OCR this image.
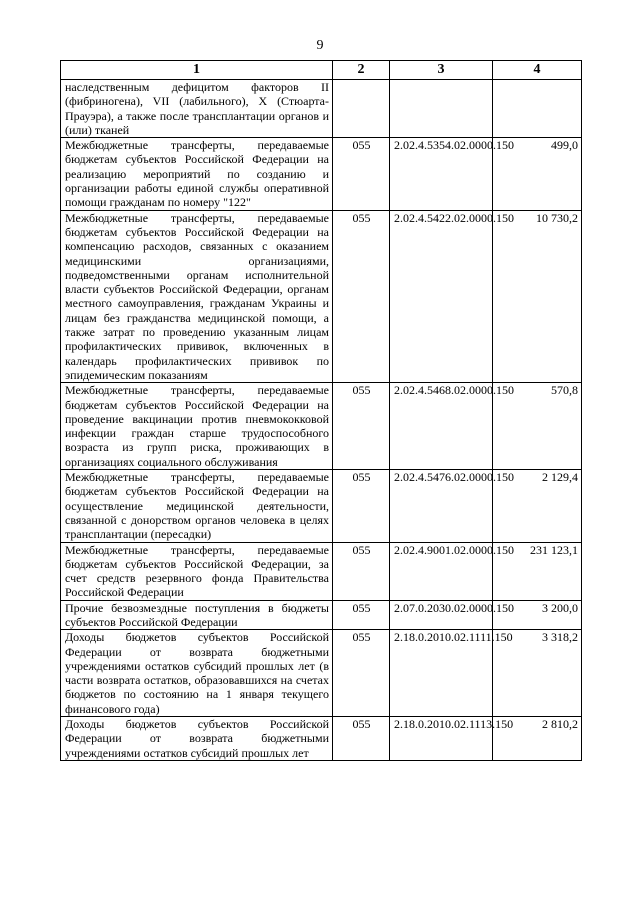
9
1	2	3	4
наследственным дефицитом факторов II (фибриногена), VII (лабильного), X (Стюарта-Прауэра), а также после трансплантации органов и (или) тканей			
Межбюджетные трансферты, передаваемые бюджетам субъектов Российской Федерации на реализацию мероприятий по созданию и организации работы единой службы оперативной помощи гражданам по номеру "122"	055	2.02.4.5354.02.0000.150	499,0
Межбюджетные трансферты, передаваемые бюджетам субъектов Российской Федерации на компенсацию расходов, связанных с оказанием медицинскими организациями, подведомственными органам исполнительной власти субъектов Российской Федерации, органам местного самоуправления, гражданам Украины и лицам без гражданства медицинской помощи, а также затрат по проведению указанным лицам профилактических прививок, включенных в календарь профилактических прививок по эпидемическим показаниям	055	2.02.4.5422.02.0000.150	10 730,2
Межбюджетные трансферты, передаваемые бюджетам субъектов Российской Федерации на проведение вакцинации против пневмококковой инфекции граждан старше трудоспособного возраста из групп риска, проживающих в организациях социального обслуживания	055	2.02.4.5468.02.0000.150	570,8
Межбюджетные трансферты, передаваемые бюджетам субъектов Российской Федерации на осуществление медицинской деятельности, связанной с донорством органов человека в целях трансплантации (пересадки)	055	2.02.4.5476.02.0000.150	2 129,4
Межбюджетные трансферты, передаваемые бюджетам субъектов Российской Федерации, за счет средств резервного фонда Правительства Российской Федерации	055	2.02.4.9001.02.0000.150	231 123,1
Прочие безвозмездные поступления в бюджеты субъектов Российской Федерации	055	2.07.0.2030.02.0000.150	3 200,0
Доходы бюджетов субъектов Российской Федерации от возврата бюджетными учреждениями остатков субсидий прошлых лет (в части возврата остатков, образовавшихся на счетах бюджетов по состоянию на 1 января текущего финансового года)	055	2.18.0.2010.02.1111.150	3 318,2
Доходы бюджетов субъектов Российской Федерации от возврата бюджетными учреждениями остатков субсидий прошлых лет	055	2.18.0.2010.02.1113.150	2 810,2
